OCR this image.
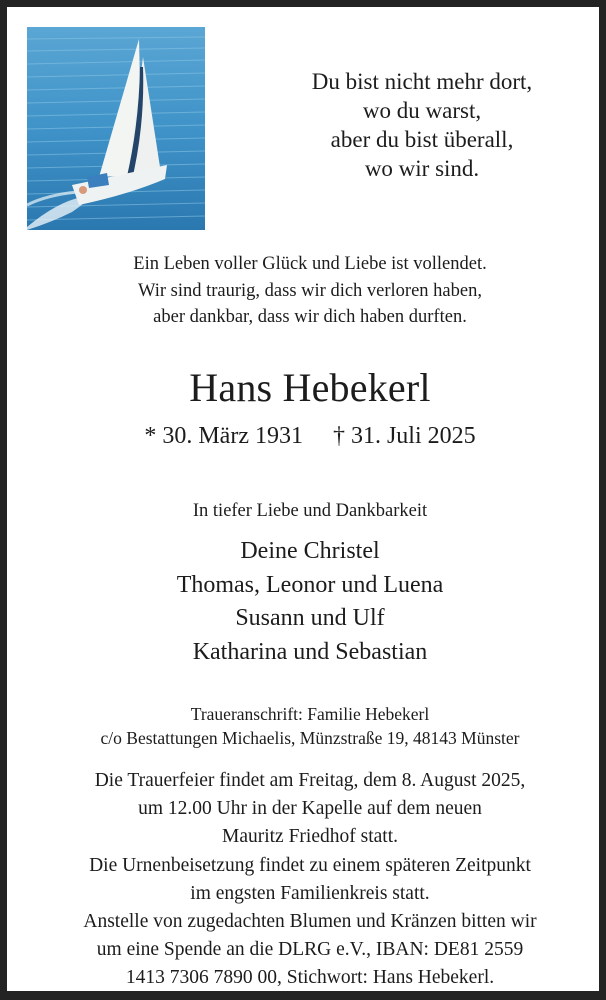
Du bist nicht mehr dort,
wo du warst,
aber du bist überall,
wo wir sind.
Ein Leben voller Glück und Liebe ist vollendet.
Wir sind traurig, dass wir dich verloren haben,
aber dankbar, dass wir dich haben durften.
Hans Hebekerl
* 30. März 1931 † 31. Juli 2025
In tiefer Liebe und Dankbarkeit
Deine Christel
Thomas, Leonor und Luena
Susann und Ulf
Katharina und Sebastian
Traueranschrift: Familie Hebekerl
c/o Bestattungen Michaelis, Münzstraße 19, 48143 Münster
Die Trauerfeier findet am Freitag, dem 8. August 2025,
um 12.00 Uhr in der Kapelle auf dem neuen
Mauritz Friedhof statt.
Die Urnenbeisetzung findet zu einem späteren Zeitpunkt
im engsten Familienkreis statt.
Anstelle von zugedachten Blumen und Kränzen bitten wir
um eine Spende an die DLRG e.V., IBAN: DE81 2559
1413 7306 7890 00, Stichwort: Hans Hebekerl.
